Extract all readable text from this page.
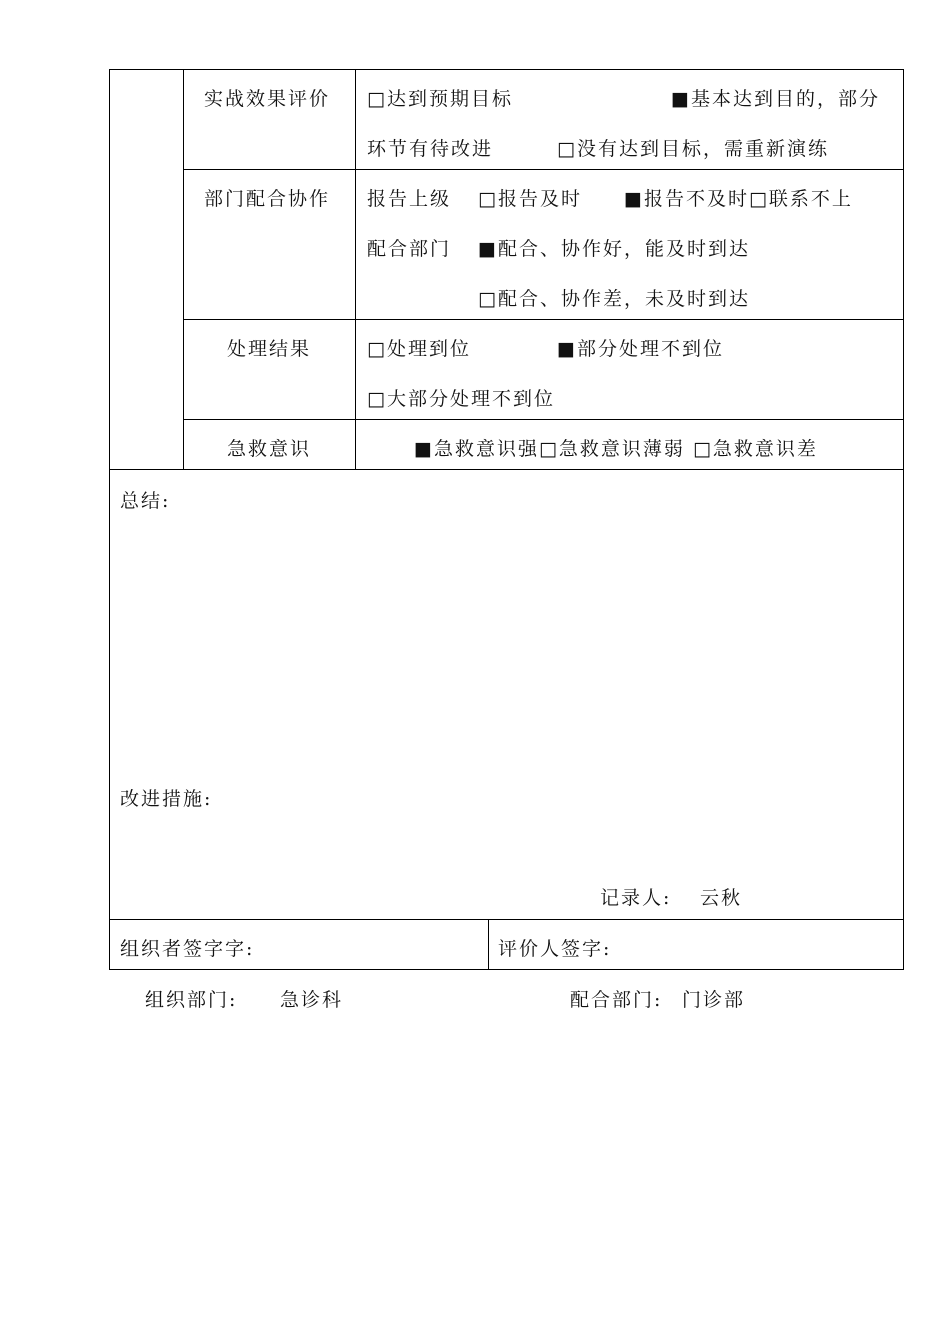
实战效果评价 □达到预期目标	■基本达到目的，部分
环节有待改进	□没有达到目标，需重新演练
部门配合协作 报告上级 □报告及时 ■报告不及时□联系不上
配合部门 ■配合、协作好，能及时到达
□配合、协作差，未及时到达
处理结果	□处理到位	■部分处理不到位
□大部分处理不到位
急救意识	■急救意识强□急救意识薄弱 □急救意识差
总结:
改进措施:
记录人: 云秋
组织者签字字:	评价人签字:
组织部门: 急诊科	配合部门: 门诊部
